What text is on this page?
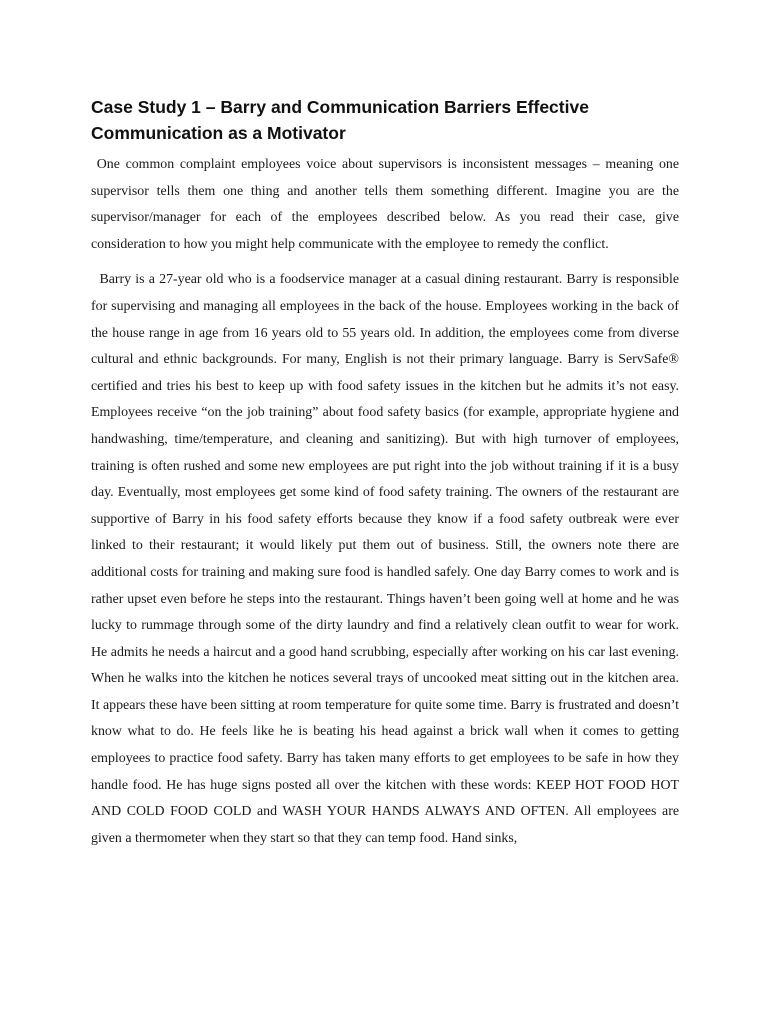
Case Study 1 – Barry and Communication Barriers Effective Communication as a Motivator

One common complaint employees voice about supervisors is inconsistent messages – meaning one supervisor tells them one thing and another tells them something different. Imagine you are the supervisor/manager for each of the employees described below. As you read their case, give consideration to how you might help communicate with the employee to remedy the conflict.

Barry is a 27-year old who is a foodservice manager at a casual dining restaurant. Barry is responsible for supervising and managing all employees in the back of the house. Employees working in the back of the house range in age from 16 years old to 55 years old. In addition, the employees come from diverse cultural and ethnic backgrounds. For many, English is not their primary language. Barry is ServSafe® certified and tries his best to keep up with food safety issues in the kitchen but he admits it’s not easy. Employees receive “on the job training” about food safety basics (for example, appropriate hygiene and handwashing, time/temperature, and cleaning and sanitizing). But with high turnover of employees, training is often rushed and some new employees are put right into the job without training if it is a busy day. Eventually, most employees get some kind of food safety training. The owners of the restaurant are supportive of Barry in his food safety efforts because they know if a food safety outbreak were ever linked to their restaurant; it would likely put them out of business. Still, the owners note there are additional costs for training and making sure food is handled safely. One day Barry comes to work and is rather upset even before he steps into the restaurant. Things haven’t been going well at home and he was lucky to rummage through some of the dirty laundry and find a relatively clean outfit to wear for work. He admits he needs a haircut and a good hand scrubbing, especially after working on his car last evening. When he walks into the kitchen he notices several trays of uncooked meat sitting out in the kitchen area. It appears these have been sitting at room temperature for quite some time. Barry is frustrated and doesn’t know what to do. He feels like he is beating his head against a brick wall when it comes to getting employees to practice food safety. Barry has taken many efforts to get employees to be safe in how they handle food. He has huge signs posted all over the kitchen with these words: KEEP HOT FOOD HOT AND COLD FOOD COLD and WASH YOUR HANDS ALWAYS AND OFTEN. All employees are given a thermometer when they start so that they can temp food. Hand sinks,
